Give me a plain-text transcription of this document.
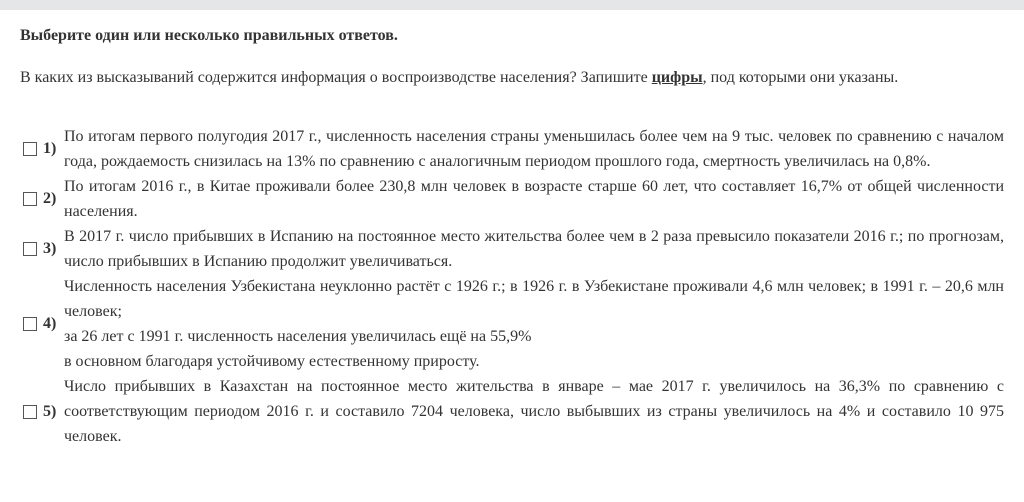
Выберите один или несколько правильных ответов.
В каких из высказываний содержится информация о воспроизводстве населения? Запишите цифры, под которыми они указаны.
1)
По итогам первого полугодия 2017 г., численность населения страны уменьшилась более чем на 9 тыс. человек по сравнению с началом года, рождаемость снизилась на 13% по сравнению с аналогичным периодом прошлого года, смертность увеличилась на 0,8%.
2)
По итогам 2016 г., в Китае проживали более 230,8 млн человек в возрасте старше 60 лет, что составляет 16,7% от общей численности населения.
3)
В 2017 г. число прибывших в Испанию на постоянное место жительства более чем в 2 раза превысило показатели 2016 г.; по прогнозам, число прибывших в Испанию продолжит увеличиваться.
4)
Численность населения Узбекистана неуклонно растёт с 1926 г.; в 1926 г. в Узбекистане проживали 4,6 млн человек; в 1991 г. – 20,6 млн человек;
за 26 лет с 1991 г. численность населения увеличилась ещё на 55,9%
в основном благодаря устойчивому естественному приросту.
5)
Число прибывших в Казахстан на постоянное место жительства в январе – мае 2017 г. увеличилось на 36,3% по сравнению с соответствующим периодом 2016 г. и составило 7204 человека, число выбывших из страны увеличилось на 4% и составило 10 975 человек.
